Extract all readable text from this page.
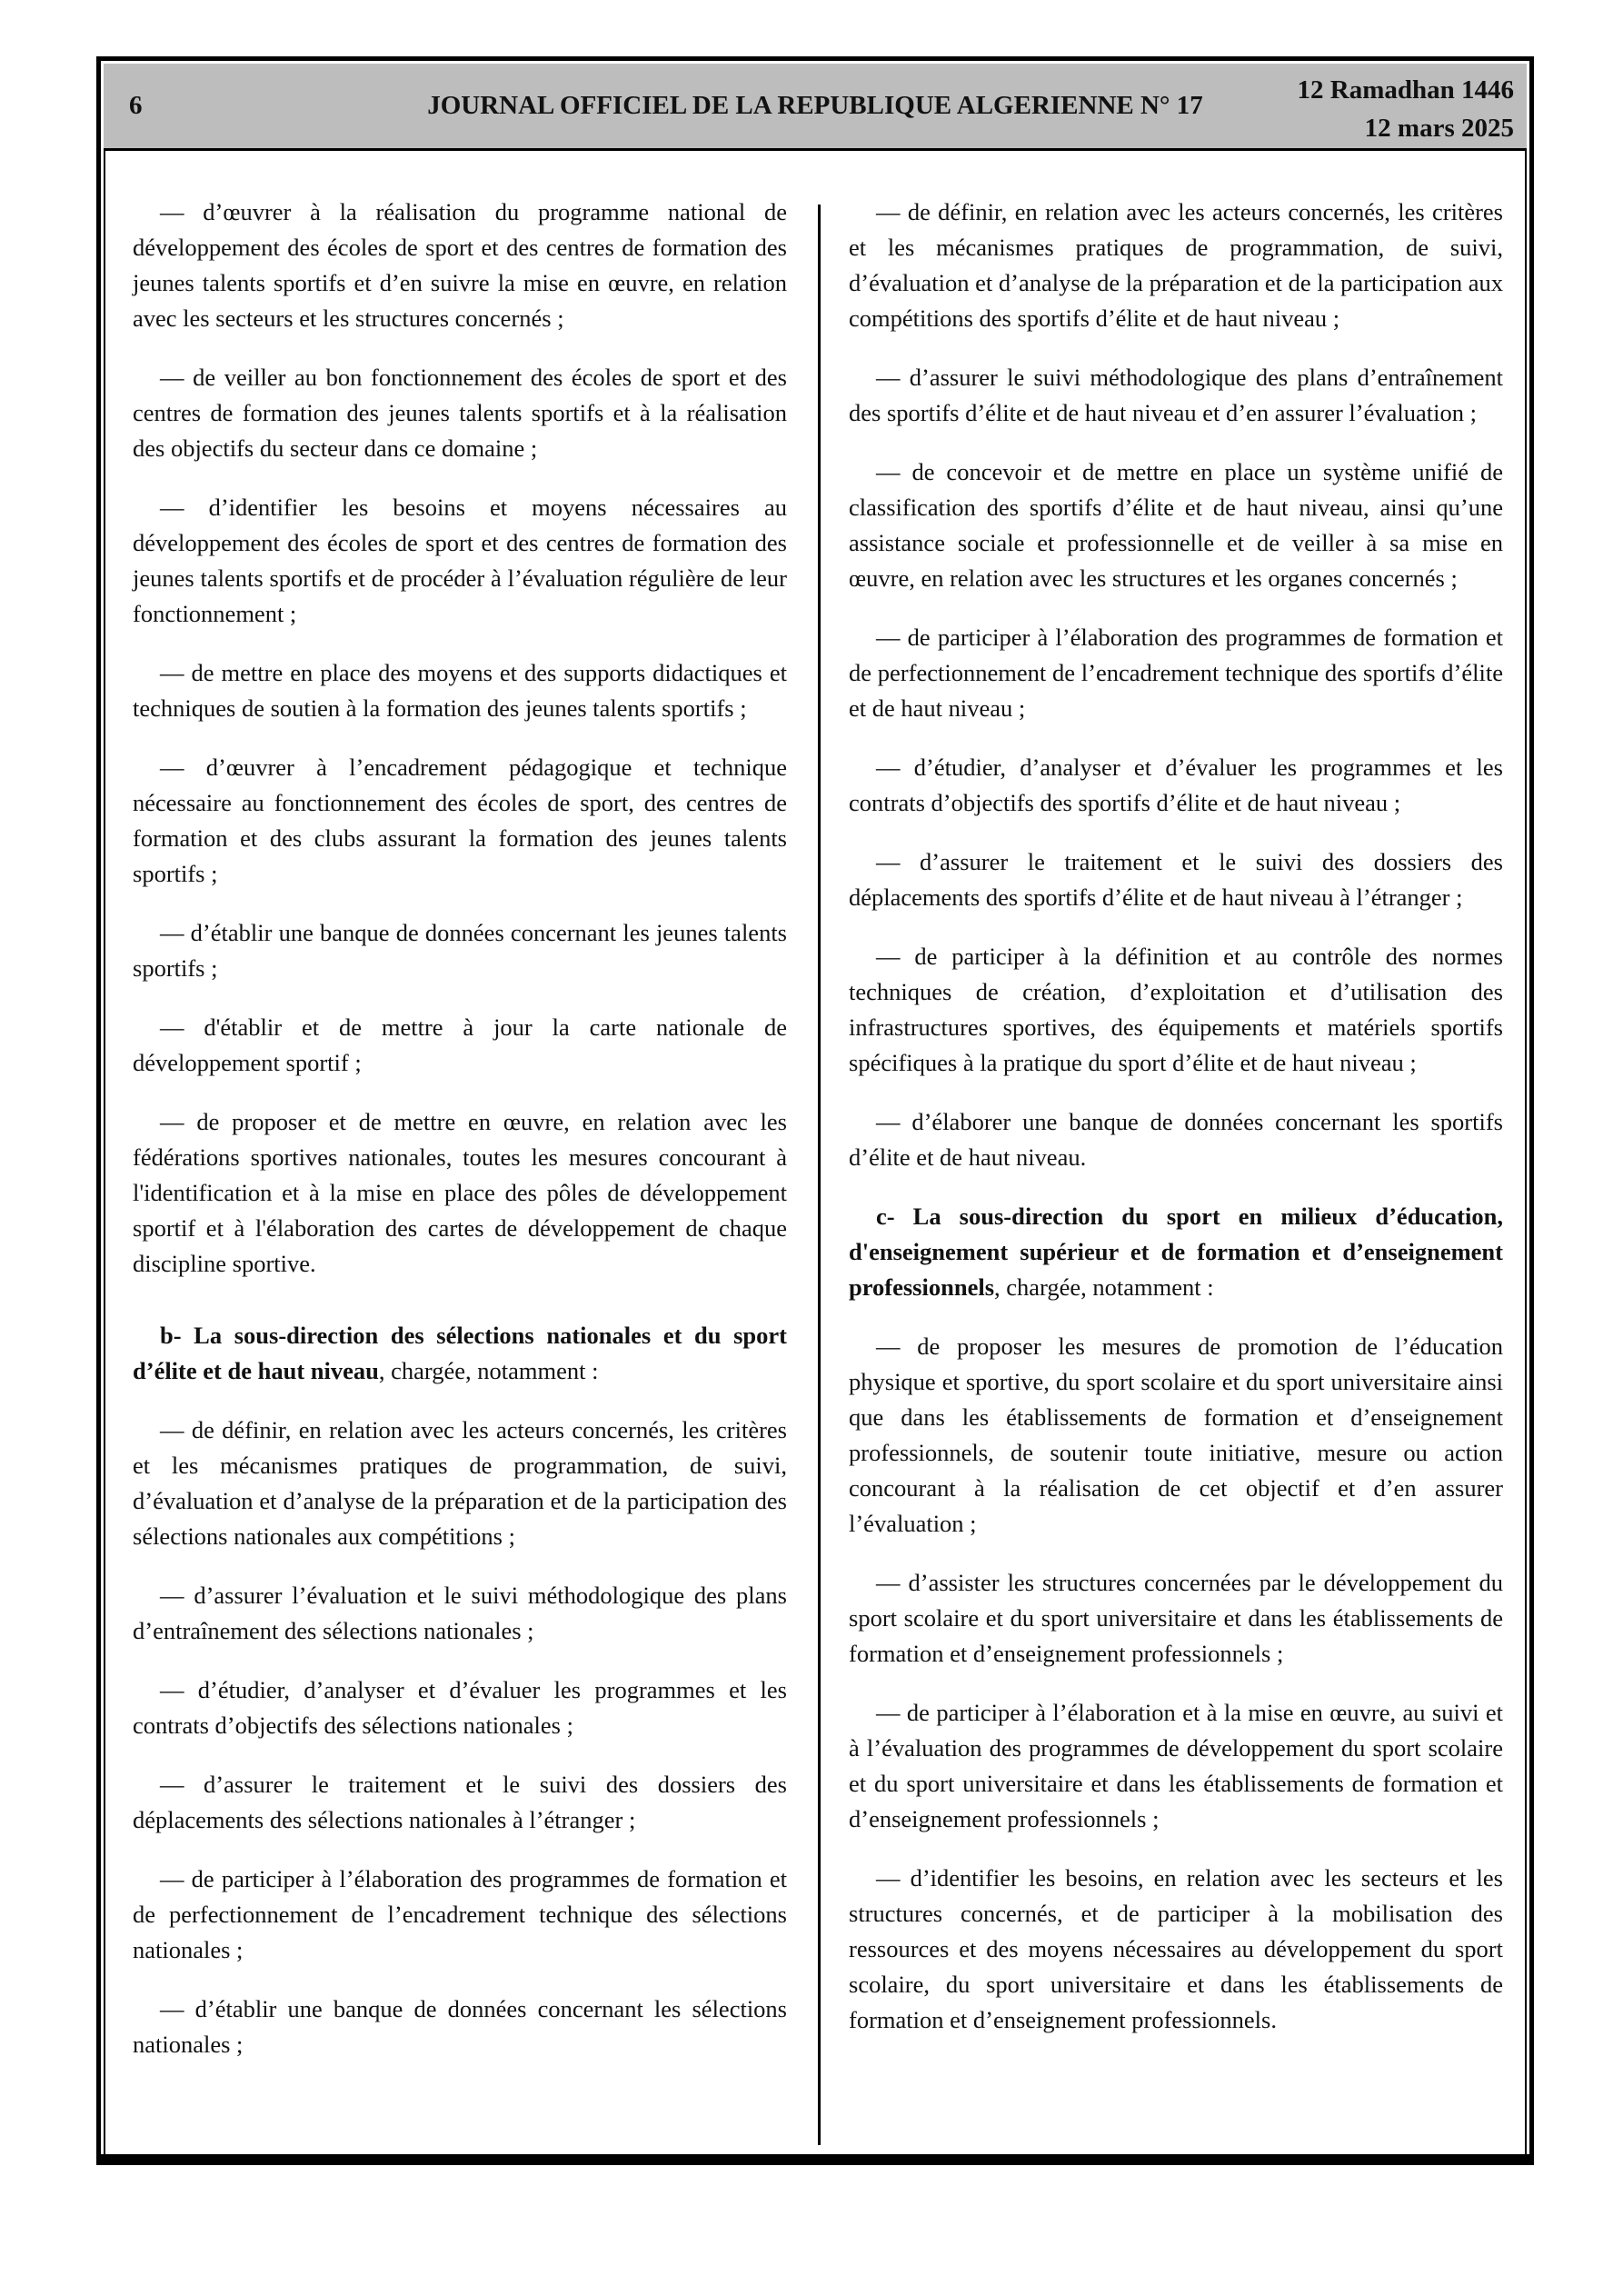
6	JOURNAL OFFICIEL DE LA REPUBLIQUE ALGERIENNE N° 17
12 Ramadhan 1446
12 mars 2025

— d’œuvrer à la réalisation du programme national de développement des écoles de sport et des centres de formation des jeunes talents sportifs et d’en suivre la mise en œuvre, en relation avec les secteurs et les structures concernés ;

— de veiller au bon fonctionnement des écoles de sport et des centres de formation des jeunes talents sportifs et à la réalisation des objectifs du secteur dans ce domaine ;

— d’identifier les besoins et moyens nécessaires au développement des écoles de sport et des centres de formation des jeunes talents sportifs et de procéder à l’évaluation régulière de leur fonctionnement ;

— de mettre en place des moyens et des supports didactiques et techniques de soutien à la formation des jeunes talents sportifs ;

— d’œuvrer à l’encadrement pédagogique et technique nécessaire au fonctionnement des écoles de sport, des centres de formation et des clubs assurant la formation des jeunes talents sportifs ;

— d’établir une banque de données concernant les jeunes talents sportifs ;

— d'établir et de mettre à jour la carte nationale de développement sportif ;

— de proposer et de mettre en œuvre, en relation avec les fédérations sportives nationales, toutes les mesures concourant à l'identification et à la mise en place des pôles de développement sportif et à l'élaboration des cartes de développement de chaque discipline sportive.

b- La sous-direction des sélections nationales et du sport d’élite et de haut niveau, chargée, notamment :

— de définir, en relation avec les acteurs concernés, les critères et les mécanismes pratiques de programmation, de suivi, d’évaluation et d’analyse de la préparation et de la participation des sélections nationales aux compétitions ;

— d’assurer l’évaluation et le suivi méthodologique des plans d’entraînement des sélections nationales ;

— d’étudier, d’analyser et d’évaluer les programmes et les contrats d’objectifs des sélections nationales ;

— d’assurer le traitement et le suivi des dossiers des déplacements des sélections nationales à l’étranger ;

— de participer à l’élaboration des programmes de formation et de perfectionnement de l’encadrement technique des sélections nationales ;

— d’établir une banque de données concernant les sélections nationales ;

— de définir, en relation avec les acteurs concernés, les critères et les mécanismes pratiques de programmation, de suivi, d’évaluation et d’analyse de la préparation et de la participation aux compétitions des sportifs d’élite et de haut niveau ;

— d’assurer le suivi méthodologique des plans d’entraînement des sportifs d’élite et de haut niveau et d’en assurer l’évaluation ;

— de concevoir et de mettre en place un système unifié de classification des sportifs d’élite et de haut niveau, ainsi qu’une assistance sociale et professionnelle et de veiller à sa mise en œuvre, en relation avec les structures et les organes concernés ;

— de participer à l’élaboration des programmes de formation et de perfectionnement de l’encadrement technique des sportifs d’élite et de haut niveau ;

— d’étudier, d’analyser et d’évaluer les programmes et les contrats d’objectifs des sportifs d’élite et de haut niveau ;

— d’assurer le traitement et le suivi des dossiers des déplacements des sportifs d’élite et de haut niveau à l’étranger ;

— de participer à la définition et au contrôle des normes techniques de création, d’exploitation et d’utilisation des infrastructures sportives, des équipements et matériels sportifs spécifiques à la pratique du sport d’élite et de haut niveau ;

— d’élaborer une banque de données concernant les sportifs d’élite et de haut niveau.

c- La sous-direction du sport en milieux d’éducation, d'enseignement supérieur et de formation et d’enseignement professionnels, chargée, notamment :

— de proposer les mesures de promotion de l’éducation physique et sportive, du sport scolaire et du sport universitaire ainsi que dans les établissements de formation et d’enseignement professionnels, de soutenir toute initiative, mesure ou action concourant à la réalisation de cet objectif et d’en assurer l’évaluation ;

— d’assister les structures concernées par le développement du sport scolaire et du sport universitaire et dans les établissements de formation et d’enseignement professionnels ;

— de participer à l’élaboration et à la mise en œuvre, au suivi et à l’évaluation des programmes de développement du sport scolaire et du sport universitaire et dans les établissements de formation et d’enseignement professionnels ;

— d’identifier les besoins, en relation avec les secteurs et les structures concernés, et de participer à la mobilisation des ressources et des moyens nécessaires au développement du sport scolaire, du sport universitaire et dans les établissements de formation et d’enseignement professionnels.
